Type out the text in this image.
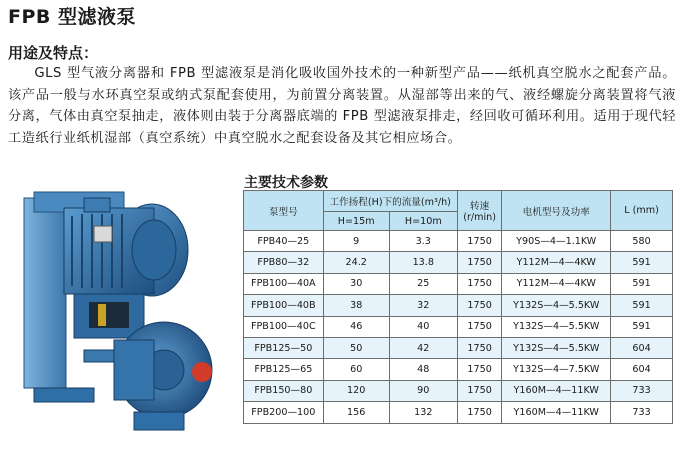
FPB 型滤液泵
用途及特点：
GLS 型气液分离器和 FPB 型滤液泵是消化吸收国外技术的一种新型产品——纸机真空脱水之配套产品。该产品一般与水环真空泵或纳式泵配套使用，为前置分离装置。从湿部等出来的气、液经螺旋分离装置将气液分离，气体由真空泵抽走，液体则由装于分离器底端的 FPB 型滤液泵排走，经回收可循环利用。适用于现代轻工造纸行业纸机湿部（真空系统）中真空脱水之配套设备及其它相应场合。
主要技术参数
泵型号	工作扬程(H)下的流量(m³/h)		转速 (r/min)	电机型号及功率	L (mm)
	H=15m	H=10m			
FPB40—25	9	3.3	1750	Y90S—4—1.1KW	580
FPB80—32	24.2	13.8	1750	Y112M—4—4KW	591
FPB100—40A	30	25	1750	Y112M—4—4KW	591
FPB100—40B	38	32	1750	Y132S—4—5.5KW	591
FPB100—40C	46	40	1750	Y132S—4—5.5KW	591
FPB125—50	50	42	1750	Y132S—4—5.5KW	604
FPB125—65	60	48	1750	Y132S—4—7.5KW	604
FPB150—80	120	90	1750	Y160M—4—11KW	733
FPB200—100	156	132	1750	Y160M—4—11KW	733
